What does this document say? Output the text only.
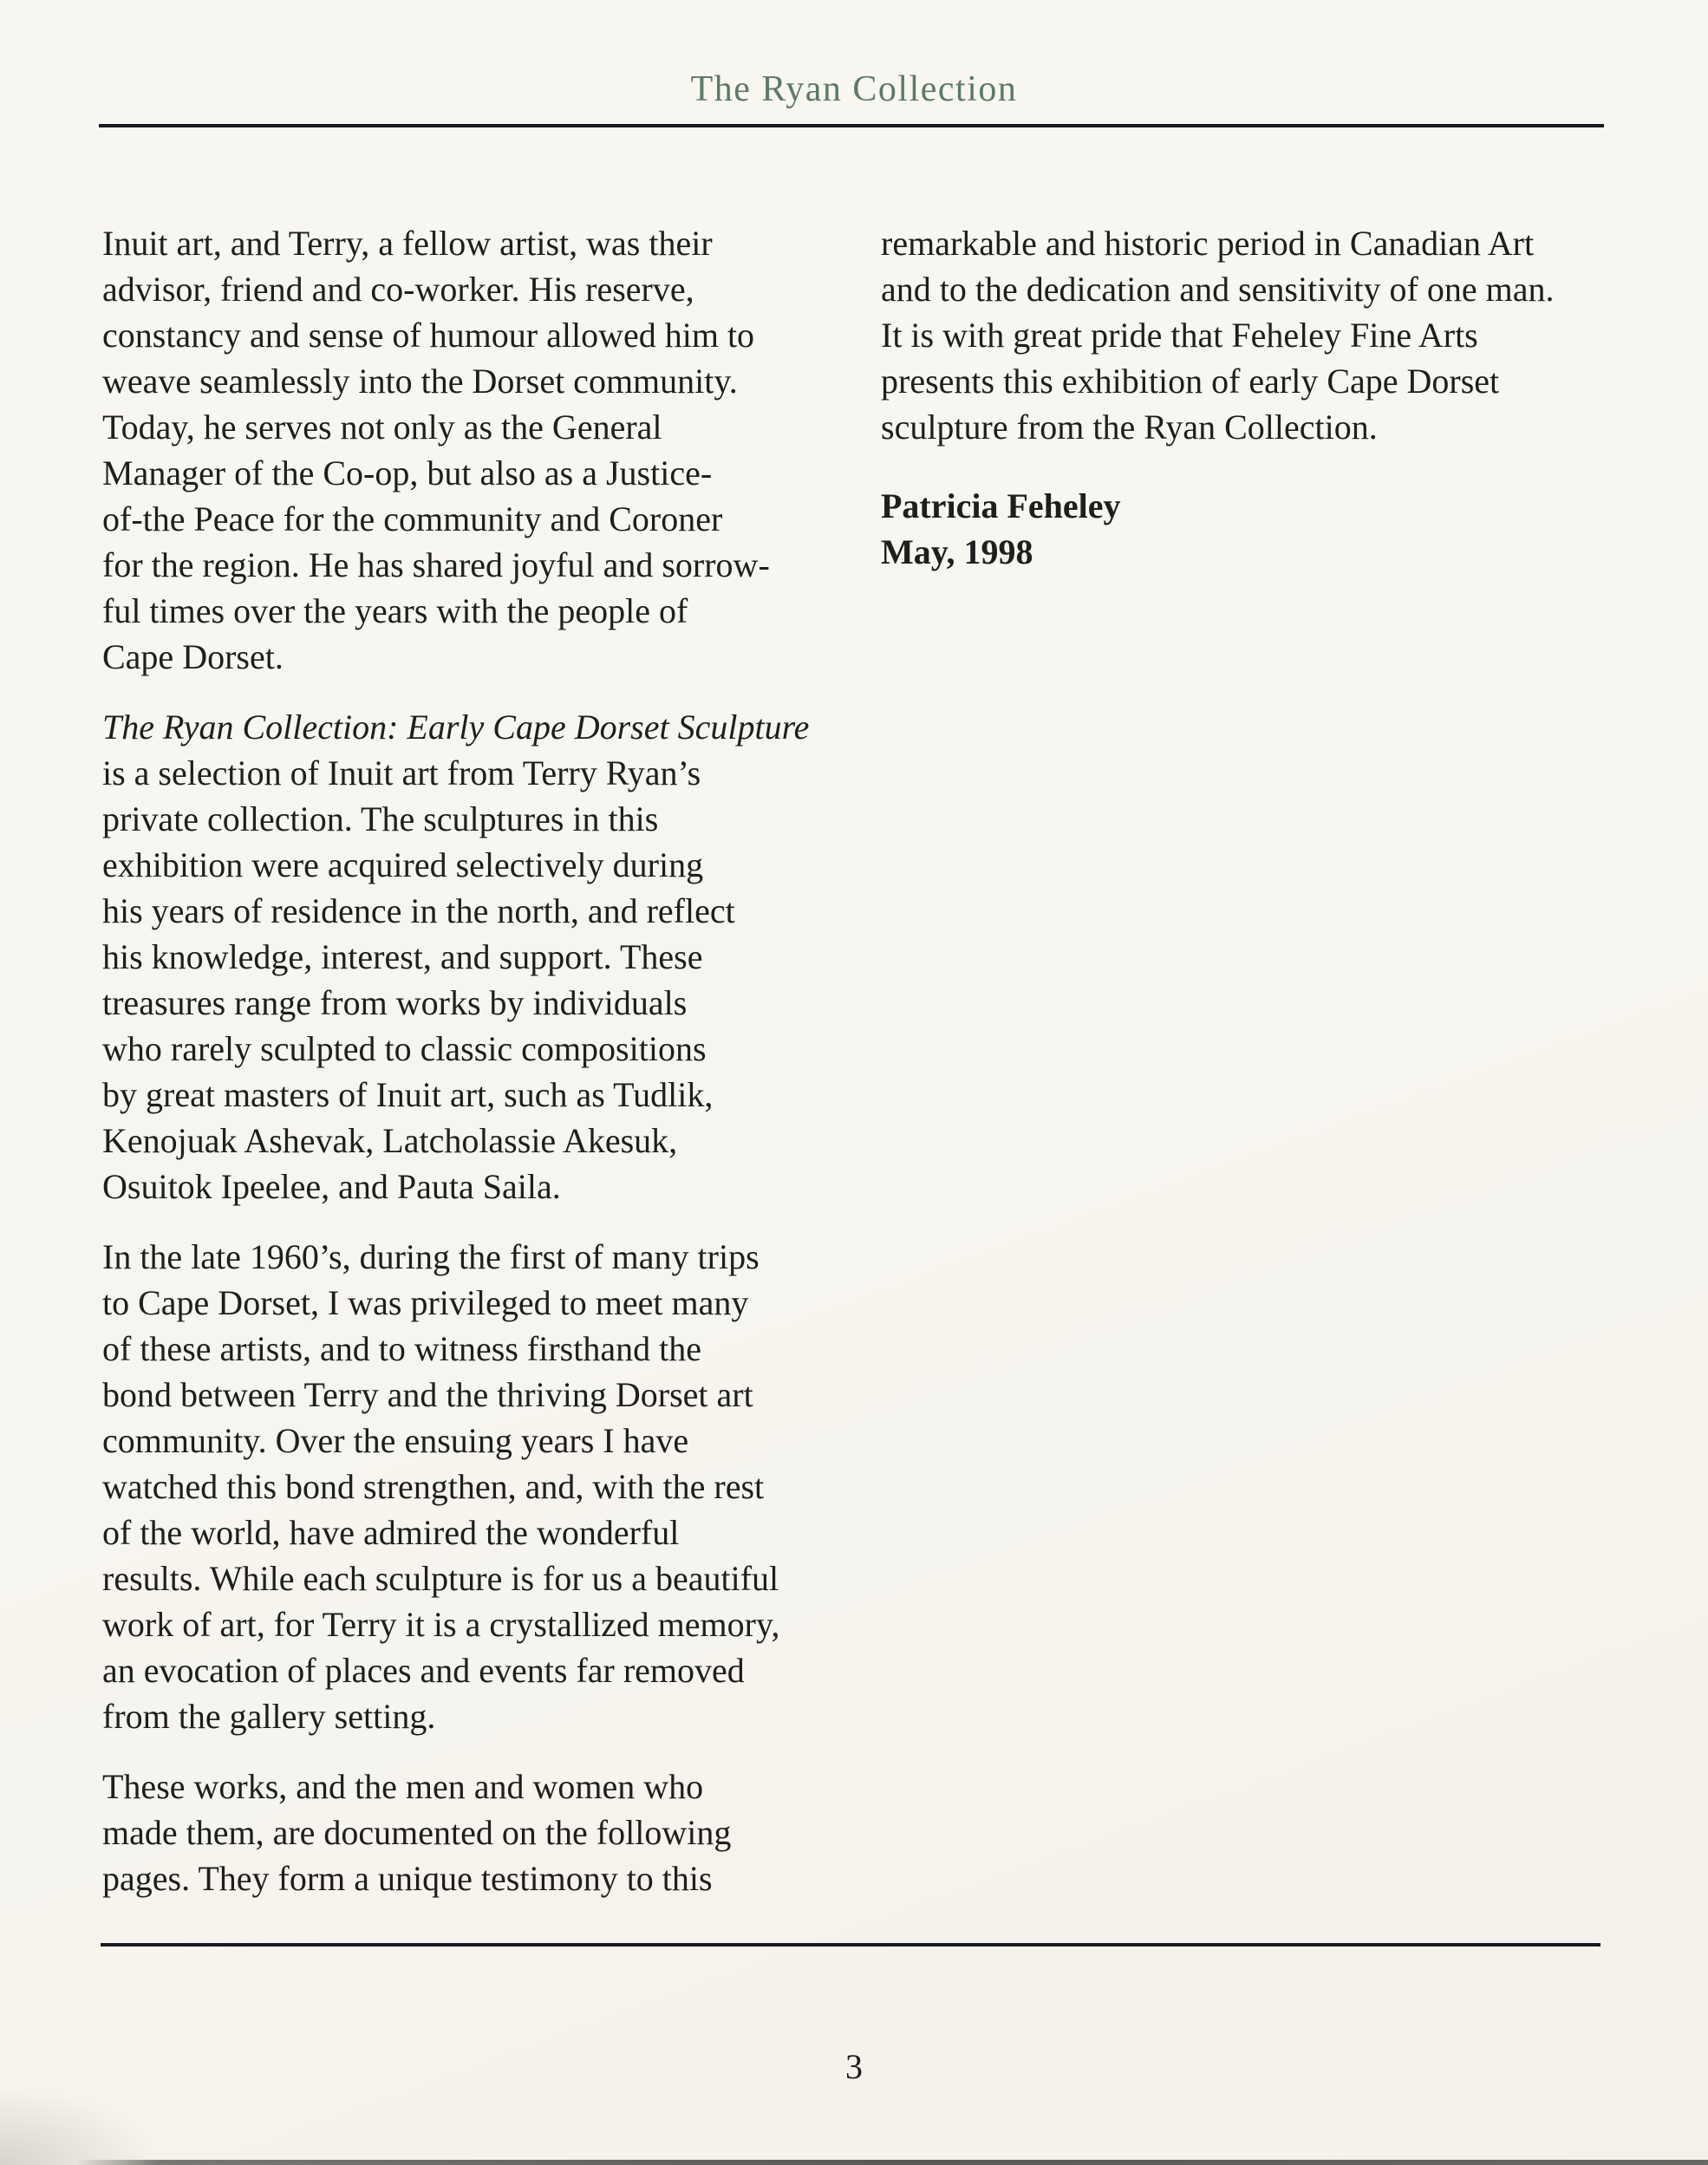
The Ryan Collection

Inuit art, and Terry, a fellow artist, was their
advisor, friend and co-worker. His reserve,
constancy and sense of humour allowed him to
weave seamlessly into the Dorset community.
Today, he serves not only as the General
Manager of the Co-op, but also as a Justice-
of-the Peace for the community and Coroner
for the region. He has shared joyful and sorrow-
ful times over the years with the people of
Cape Dorset.

The Ryan Collection: Early Cape Dorset Sculpture
is a selection of Inuit art from Terry Ryan’s
private collection. The sculptures in this
exhibition were acquired selectively during
his years of residence in the north, and reflect
his knowledge, interest, and support. These
treasures range from works by individuals
who rarely sculpted to classic compositions
by great masters of Inuit art, such as Tudlik,
Kenojuak Ashevak, Latcholassie Akesuk,
Osuitok Ipeelee, and Pauta Saila.

In the late 1960’s, during the first of many trips
to Cape Dorset, I was privileged to meet many
of these artists, and to witness firsthand the
bond between Terry and the thriving Dorset art
community. Over the ensuing years I have
watched this bond strengthen, and, with the rest
of the world, have admired the wonderful
results. While each sculpture is for us a beautiful
work of art, for Terry it is a crystallized memory,
an evocation of places and events far removed
from the gallery setting.

These works, and the men and women who
made them, are documented on the following
pages. They form a unique testimony to this

remarkable and historic period in Canadian Art
and to the dedication and sensitivity of one man.
It is with great pride that Feheley Fine Arts
presents this exhibition of early Cape Dorset
sculpture from the Ryan Collection.

Patricia Feheley
May, 1998

3
